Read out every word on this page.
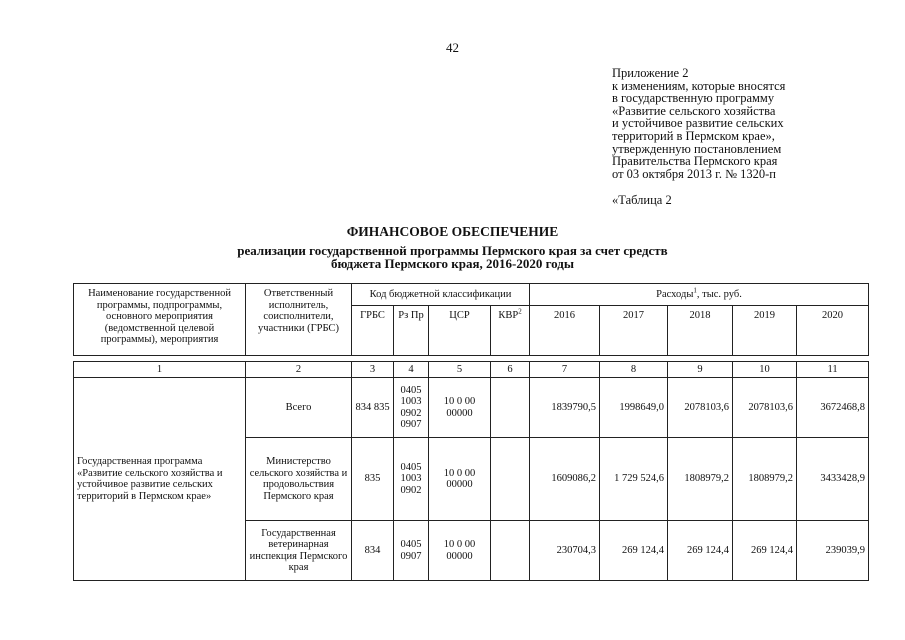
42
Приложение 2
к изменениям, которые вносятся
в государственную программу
«Развитие сельского хозяйства
и устойчивое развитие сельских
территорий в Пермском крае»,
утвержденную постановлением
Правительства Пермского края
от 03 октября 2013 г. № 1320-п
«Таблица 2
ФИНАНСОВОЕ ОБЕСПЕЧЕНИЕ
реализации государственной программы Пермского края за счет средств
бюджета Пермского края, 2016-2020 годы
Наименование государственной программы, подпрограммы, основного мероприятия (ведомственной целевой программы), мероприятия	Ответственный исполнитель, соисполнители, участники (ГРБС)	Код бюджетной классификации				Расходы$^1$, тыс. руб.				
		ГРБС	Рз Пр	ЦСР	КВР$^2$	2016	2017	2018	2019	2020

1	2	3	4	5	6	7	8	9	10	11
Государственная программа «Развитие сельского хозяйства и устойчивое развитие сельских территорий в Пермском крае»	Всего	834 835	0405 1003 0902 0907	10 0 00 00000		1839790,5	1998649,0	2078103,6	2078103,6	3672468,8
	Министерство сельского хозяйства и продовольствия Пермского края	835	0405 1003 0902	10 0 00 00000		1609086,2	1 729 524,6	1808979,2	1808979,2	3433428,9
	Государственная ветеринарная инспекция Пермского края	834	0405 0907	10 0 00 00000		230704,3	269 124,4	269 124,4	269 124,4	239039,9
